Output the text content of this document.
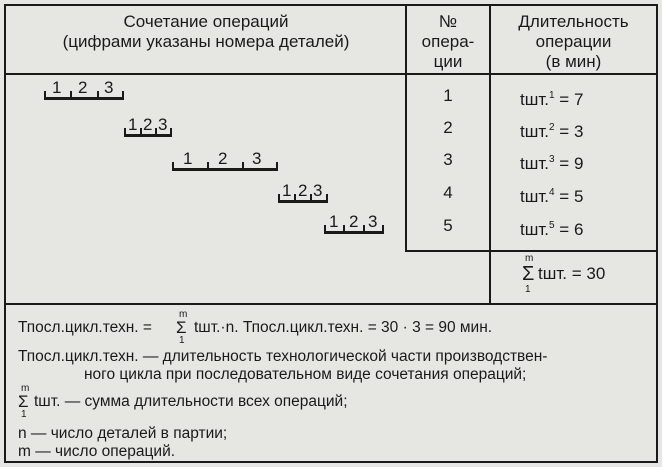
Сочетание операций
(цифрами указаны номера деталей)
№
опера-
ции
Длительность
операции
(в мин)
1 2 3
1 2 3
1 2 3
1 2 3
1 2 3
1
2
3
4
5
tшт.$^1$ = 7
tшт.$^2$ = 3
tшт.$^3$ = 9
tшт.$^4$ = 5
tшт.$^5$ = 6
m
Σ
1
tшт. = 30
Тпосл.цикл.техн. =
m
Σ
1
tшт.·n. Тпосл.цикл.техн. = 30 · 3 = 90 мин.
Тпосл.цикл.техн. — длительность технологической части производствен-
ного цикла при последовательном виде сочетания операций;
m
Σ
1
tшт. — сумма длительности всех операций;
n — число деталей в партии;
m — число операций.
